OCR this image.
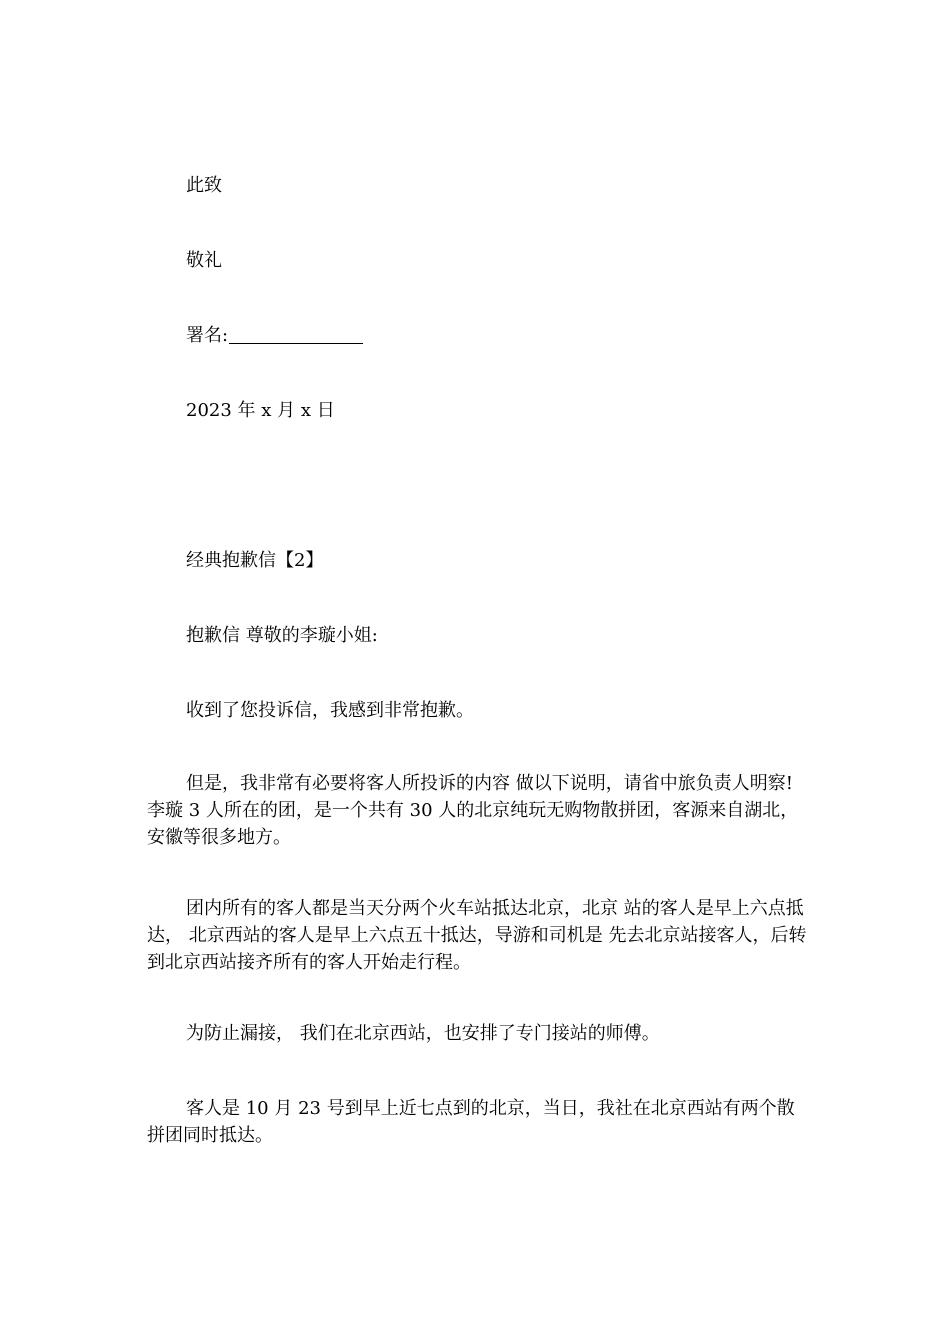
此致

敬礼

署名:

2023 年 x 月 x 日

经典抱歉信【2】

抱歉信 尊敬的李璇小姐:

收到了您投诉信，我感到非常抱歉。

但是，我非常有必要将客人所投诉的内容 做以下说明，请省中旅负责人明察! 李璇 3 人所在的团，是一个共有 30 人的北京纯玩无购物散拼团，客源来自湖北，安徽等很多地方。

团内所有的客人都是当天分两个火车站抵达北京，北京 站的客人是早上六点抵达， 北京西站的客人是早上六点五十抵达，导游和司机是 先去北京站接客人，后转到北京西站接齐所有的客人开始走行程。

为防止漏接， 我们在北京西站，也安排了专门接站的师傅。

客人是 10 月 23 号到早上近七点到的北京，当日，我社在北京西站有两个散 拼团同时抵达。
